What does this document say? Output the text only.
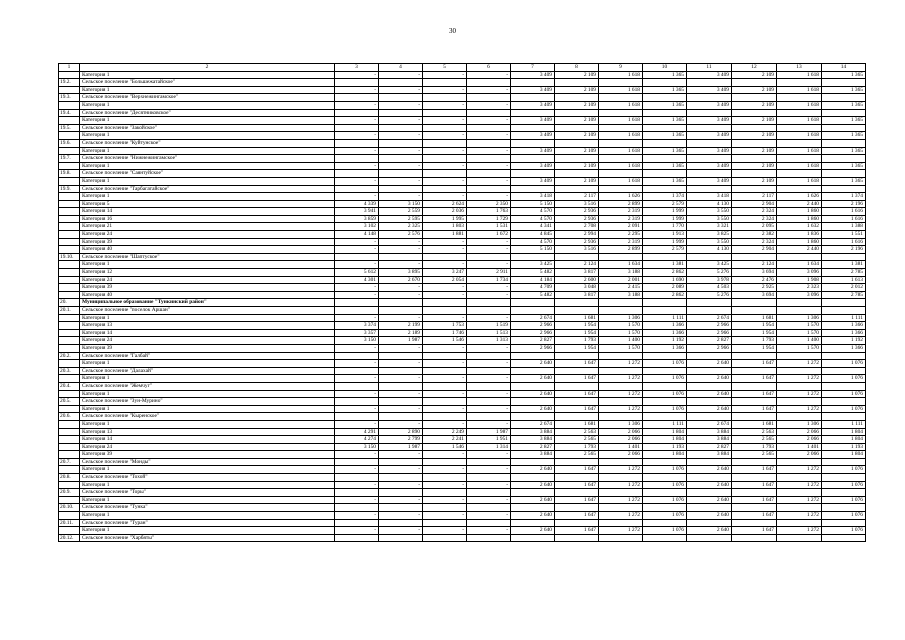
30
1	2	3	4	5	6	7	8	9	10	11	12	13	14
	Категория 1	-	-	-	-	3 409	2 109	1 618	1 365	3 409	2 109	1 618	1 365
19.2.	Сельское поселение "Большежатайское"												
	Категория 1	-	-	-	-	3 409	2 109	1 618	1 365	3 409	2 109	1 618	1 365
19.3.	Сельское поселение "Верхнежингамское"												
	Категория 1	-	-	-	-	3 409	2 109	1 618	1 365	3 409	2 109	1 618	1 365
19.4.	Сельское поселение "Десятниковское"												
	Категория 1	-	-	-	-	3 409	2 109	1 618	1 365	3 409	2 109	1 618	1 365
19.5.	Сельское поселение "Закойское"												
	Категория 1	-	-	-	-	3 409	2 109	1 618	1 365	3 409	2 109	1 618	1 365
19.6.	Сельское поселение "Куйтунское"												
	Категория 1	-	-	-	-	3 409	2 109	1 618	1 365	3 409	2 109	1 618	1 365
19.7.	Сельское поселение "Нижнежингамское"												
	Категория 1	-	-	-	-	3 409	2 109	1 618	1 365	3 409	2 109	1 618	1 365
19.8.	Сельское поселение "Саянтуйское"												
	Категория 1	-	-	-	-	3 409	2 109	1 618	1 365	3 409	2 109	1 618	1 365
19.9.	Сельское поселение "Тарбагатайское"												
	Категория 1	-	-	-	-	3 418	2 117	1 626	1 374	3 418	2 117	1 626	1 374
	Категория 5	4 339	3 150	2 624	2 350	5 150	3 516	2 899	2 579	4 130	2 904	2 440	2 196
	Категория 14	3 941	2 559	2 036	1 763	4 570	2 936	2 319	1 999	3 550	2 324	1 860	1 616
	Категория 16	3 859	2 595	1 995	1 729	4 570	2 936	2 319	1 999	3 550	2 324	1 860	1 616
	Категория 21	3 102	2 325	1 803	1 531	4 341	2 708	2 091	1 770	3 321	2 095	1 632	1 388
	Категория 24	4 148	2 576	1 881	1 672	4 845	2 994	2 295	1 913	3 825	2 382	1 836	1 551
	Категория 39	-	-	-	-	4 570	2 936	2 319	1 999	3 550	2 324	1 860	1 616
	Категория 40	-	-	-	-	5 150	3 516	2 899	2 579	4 130	2 904	2 440	2 196
19.10.	Сельское поселение "Шаптуское"												
	Категория 1	-	-	-	-	3 425	2 124	1 634	1 381	3 425	2 124	1 634	1 381
	Категория 12	5 612	3 895	3 247	2 911	5 482	3 817	3 188	2 862	5 276	3 694	3 096	2 785
	Категория 24	4 301	2 670	2 054	1 734	4 184	2 600	2 001	1 690	3 978	2 476	1 908	1 613
	Категория 39	-	-	-	-	4 709	3 048	2 415	2 089	4 503	2 925	2 323	2 012
	Категория 40	-	-	-	-	5 482	3 817	3 188	2 862	5 276	3 694	3 096	2 785
20.	Муниципальное образование "Тункинский район"												
20.1.	Сельское поселение "поселок Аршан"												
	Категория 1	-	-	-	-	2 674	1 681	1 306	1 111	2 674	1 681	1 306	1 111
	Категория 13	3 374	2 199	1 753	1 519	2 966	1 954	1 570	1 366	2 966	1 954	1 570	1 366
	Категория 14	3 357	2 189	1 746	1 513	2 966	1 954	1 570	1 366	2 966	1 954	1 570	1 366
	Категория 24	3 150	1 987	1 546	1 313	2 827	1 793	1 400	1 192	2 827	1 793	1 400	1 192
	Категория 39	-	-	-	-	2 966	1 954	1 570	1 366	2 966	1 954	1 570	1 366
20.2.	Сельское поселение "Галбай"												
	Категория 1	-	-	-	-	2 640	1 647	1 272	1 076	2 640	1 647	1 272	1 076
20.3.	Сельское поселение "Далахай"												
	Категория 1	-	-	-	-	2 640	1 647	1 272	1 076	2 640	1 647	1 272	1 076
20.4.	Сельское поселение "Жемчуг"												
	Категория 1	-	-	-	-	2 640	1 647	1 272	1 076	2 640	1 647	1 272	1 076
20.5.	Сельское поселение "Зун-Мурино"												
	Категория 1	-	-	-	-	2 640	1 647	1 272	1 076	2 640	1 647	1 272	1 076
20.6.	Сельское поселение "Кыренское"												
	Категория 1	-	-	-	-	2 674	1 681	1 306	1 111	2 674	1 681	1 306	1 111
	Категория 13	4 291	2 890	2 249	1 987	3 884	2 563	2 066	1 804	3 884	2 563	2 066	1 804
	Категория 14	4 274	2 799	2 241	1 951	3 884	2 565	2 066	1 804	3 884	2 565	2 066	1 804
	Категория 24	3 150	1 987	1 546	1 314	2 827	1 793	1 401	1 193	2 827	1 793	1 401	1 193
	Категория 39	-	-	-	-	3 884	2 565	2 066	1 804	3 884	2 565	2 066	1 804
20.7.	Сельское поселение "Монды"												
	Категория 1	-	-	-	-	2 640	1 647	1 272	1 076	2 640	1 647	1 272	1 076
20.8.	Сельское поселение "Тохой"												
	Категория 1	-	-	-	-	2 640	1 647	1 272	1 076	2 640	1 647	1 272	1 076
20.9.	Сельское поселение "Торы"												
	Категория 1	-	-	-	-	2 640	1 647	1 272	1 076	2 640	1 647	1 272	1 076
20.10.	Сельское поселение "Тунка"												
	Категория 1	-	-	-	-	2 640	1 647	1 272	1 076	2 640	1 647	1 272	1 076
20.11.	Сельское поселение "Туран"												
	Категория 1	-	-	-	-	2 640	1 647	1 272	1 076	2 640	1 647	1 272	1 076
20.12.	Сельское поселение "Харбяты"												
